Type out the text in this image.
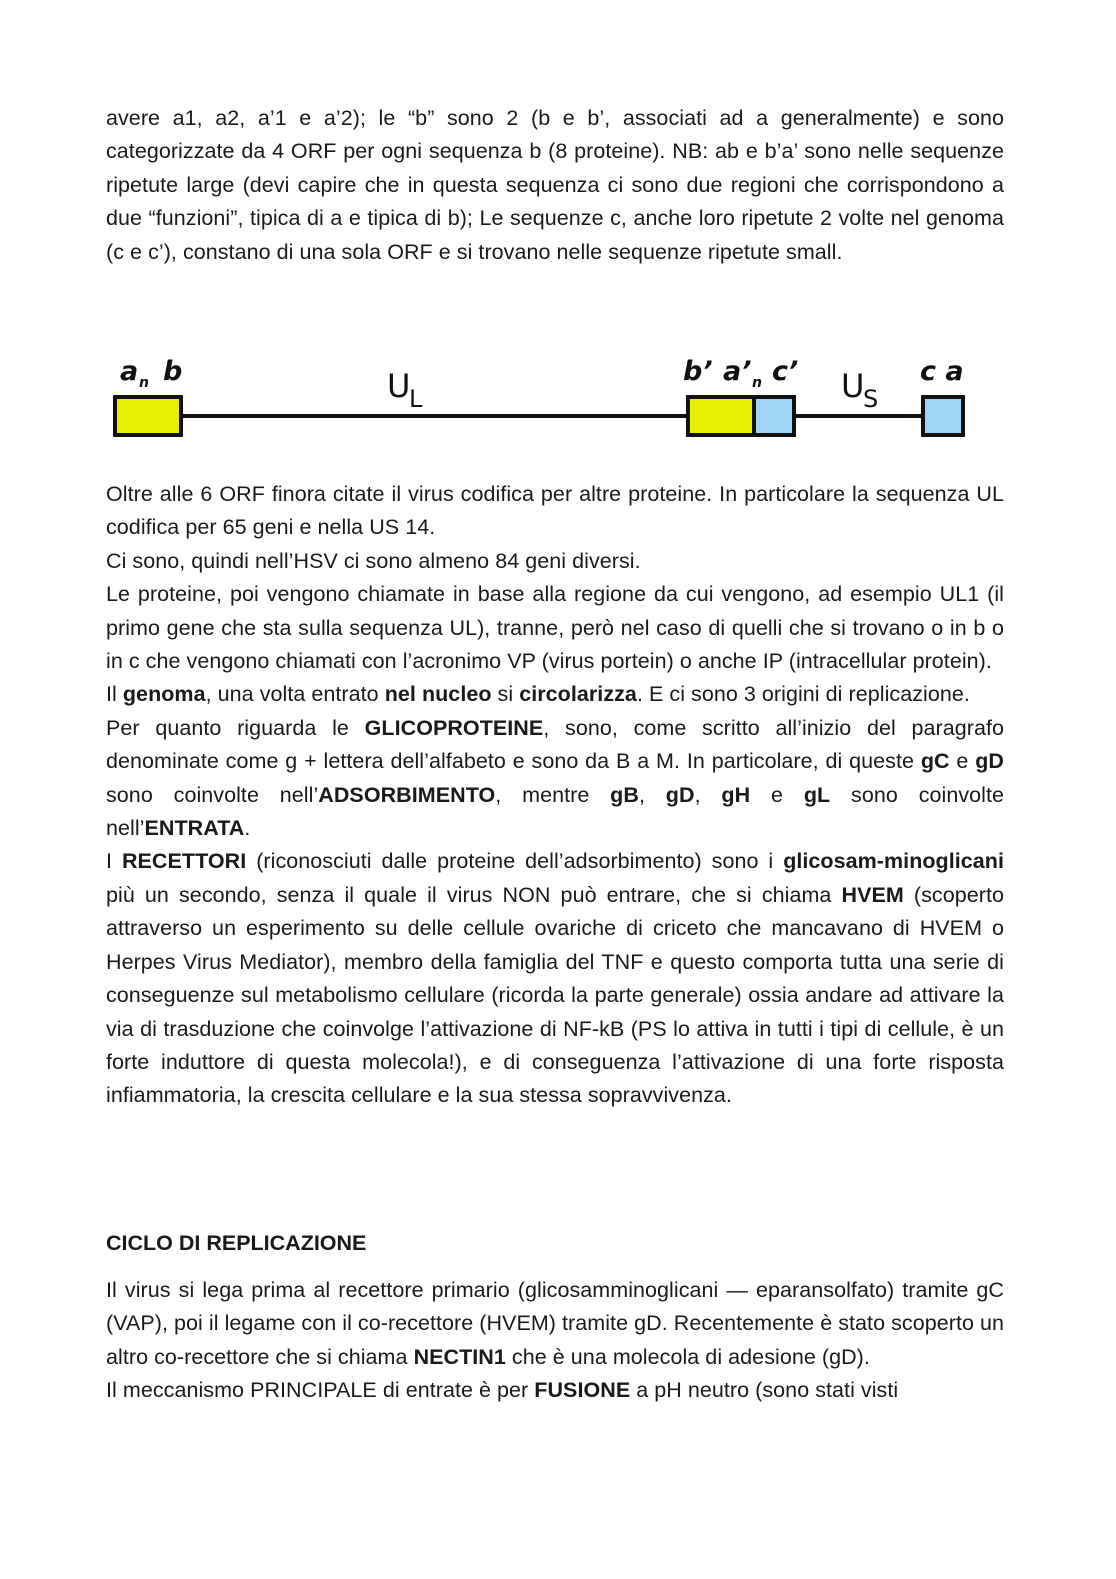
avere a1, a2, a’1 e a’2); le “b” sono 2 (b e b’, associati ad a generalmente) e sono categorizzate da 4 ORF per ogni sequenza b (8 proteine). NB: ab e b’a’ sono nelle sequenze ripetute large (devi capire che in questa sequenza ci sono due regioni che corrispondono a due “funzioni”, tipica di a e tipica di b); Le sequenze c, anche loro ripetute 2 volte nel genoma (c e c’), constano di una sola ORF e si trovano nelle sequenze ripetute small.

a n b	U
L
b’ a’ n c’ U
S
c a

Oltre alle 6 ORF finora citate il virus codifica per altre proteine. In particolare la sequenza UL codifica per 65 geni e nella US 14.

Ci sono, quindi nell’HSV ci sono almeno 84 geni diversi.

Le proteine, poi vengono chiamate in base alla regione da cui vengono, ad esempio UL1 (il primo gene che sta sulla sequenza UL), tranne, però nel caso di quelli che si trovano o in b o in c che vengono chiamati con l’acronimo VP (virus portein) o anche IP (intracellular protein).

Il genoma, una volta entrato nel nucleo si circolarizza. E ci sono 3 origini di replicazione.

Per quanto riguarda le GLICOPROTEINE, sono, come scritto all’inizio del paragrafo denominate come g + lettera dell’alfabeto e sono da B a M. In particolare, di queste gC e gD sono coinvolte nell’ADSORBIMENTO, mentre gB, gD, gH e gL sono coinvolte nell’ENTRATA.

I RECETTORI (riconosciuti dalle proteine dell’adsorbimento) sono i glicosam-minoglicani più un secondo, senza il quale il virus NON può entrare, che si chiama HVEM (scoperto attraverso un esperimento su delle cellule ovariche di criceto che mancavano di HVEM o Herpes Virus Mediator), membro della famiglia del TNF e questo comporta tutta una serie di conseguenze sul metabolismo cellulare (ricorda la parte generale) ossia andare ad attivare la via di trasduzione che coinvolge l’attivazione di NF-kB (PS lo attiva in tutti i tipi di cellule, è un forte induttore di questa molecola!), e di conseguenza l’attivazione di una forte risposta infiammatoria, la crescita cellulare e la sua stessa sopravvivenza.

CICLO DI REPLICAZIONE

Il virus si lega prima al recettore primario (glicosamminoglicani — eparansolfato) tramite gC (VAP), poi il legame con il co-recettore (HVEM) tramite gD. Recentemente è stato scoperto un altro co-recettore che si chiama NECTIN1 che è una molecola di adesione (gD).

Il meccanismo PRINCIPALE di entrate è per FUSIONE a pH neutro (sono stati visti
